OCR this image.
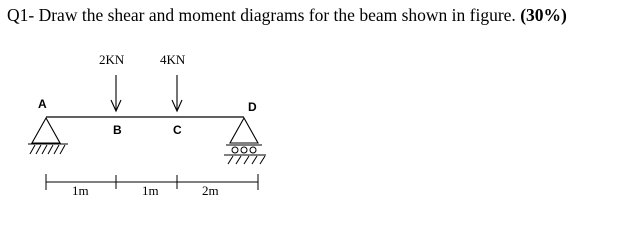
Q1- Draw the shear and moment diagrams for the beam shown in figure. (30%)
2KN	4KN
A
B	C
D
1m	1m	2m
